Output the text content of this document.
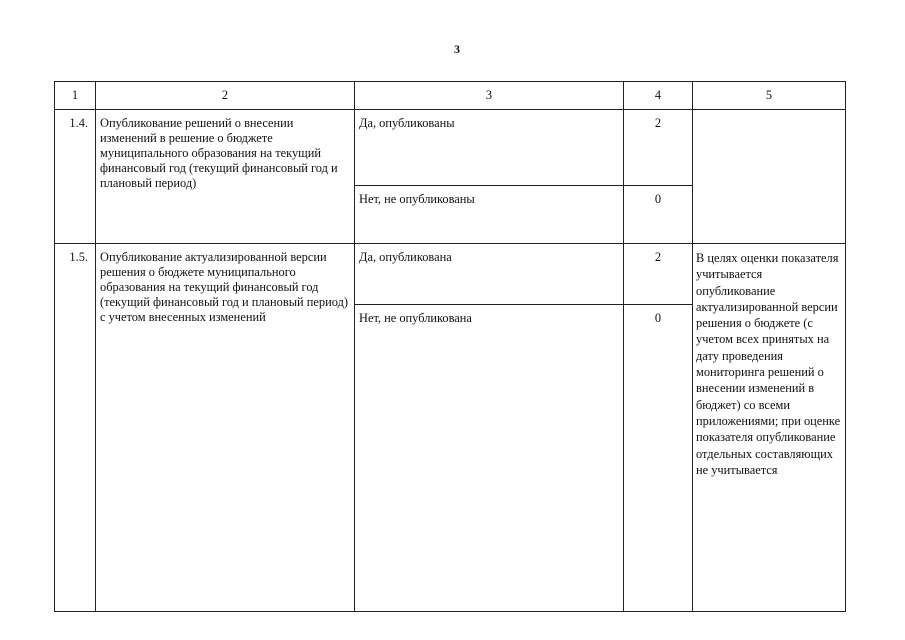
3
1	2	3	4	5
1.4.	Опубликование решений о внесении изменений в решение о бюджете муниципального образования на текущий финансовый год (текущий финансовый год и плановый период)	Да, опубликованы	2	
		Нет, не опубликованы	0	
1.5.	Опубликование актуализированной версии решения о бюджете муниципального образования на текущий финансовый год (текущий финансовый год и плановый период) с учетом внесенных изменений	Да, опубликована	2	В целях оценки показателя учитывается опубликование актуализированной версии решения о бюджете (с учетом всех принятых на дату проведения мониторинга решений о внесении изменений в бюджет) со всеми приложениями; при оценке показателя опубликование отдельных составляющих не учитывается
		Нет, не опубликована	0	
